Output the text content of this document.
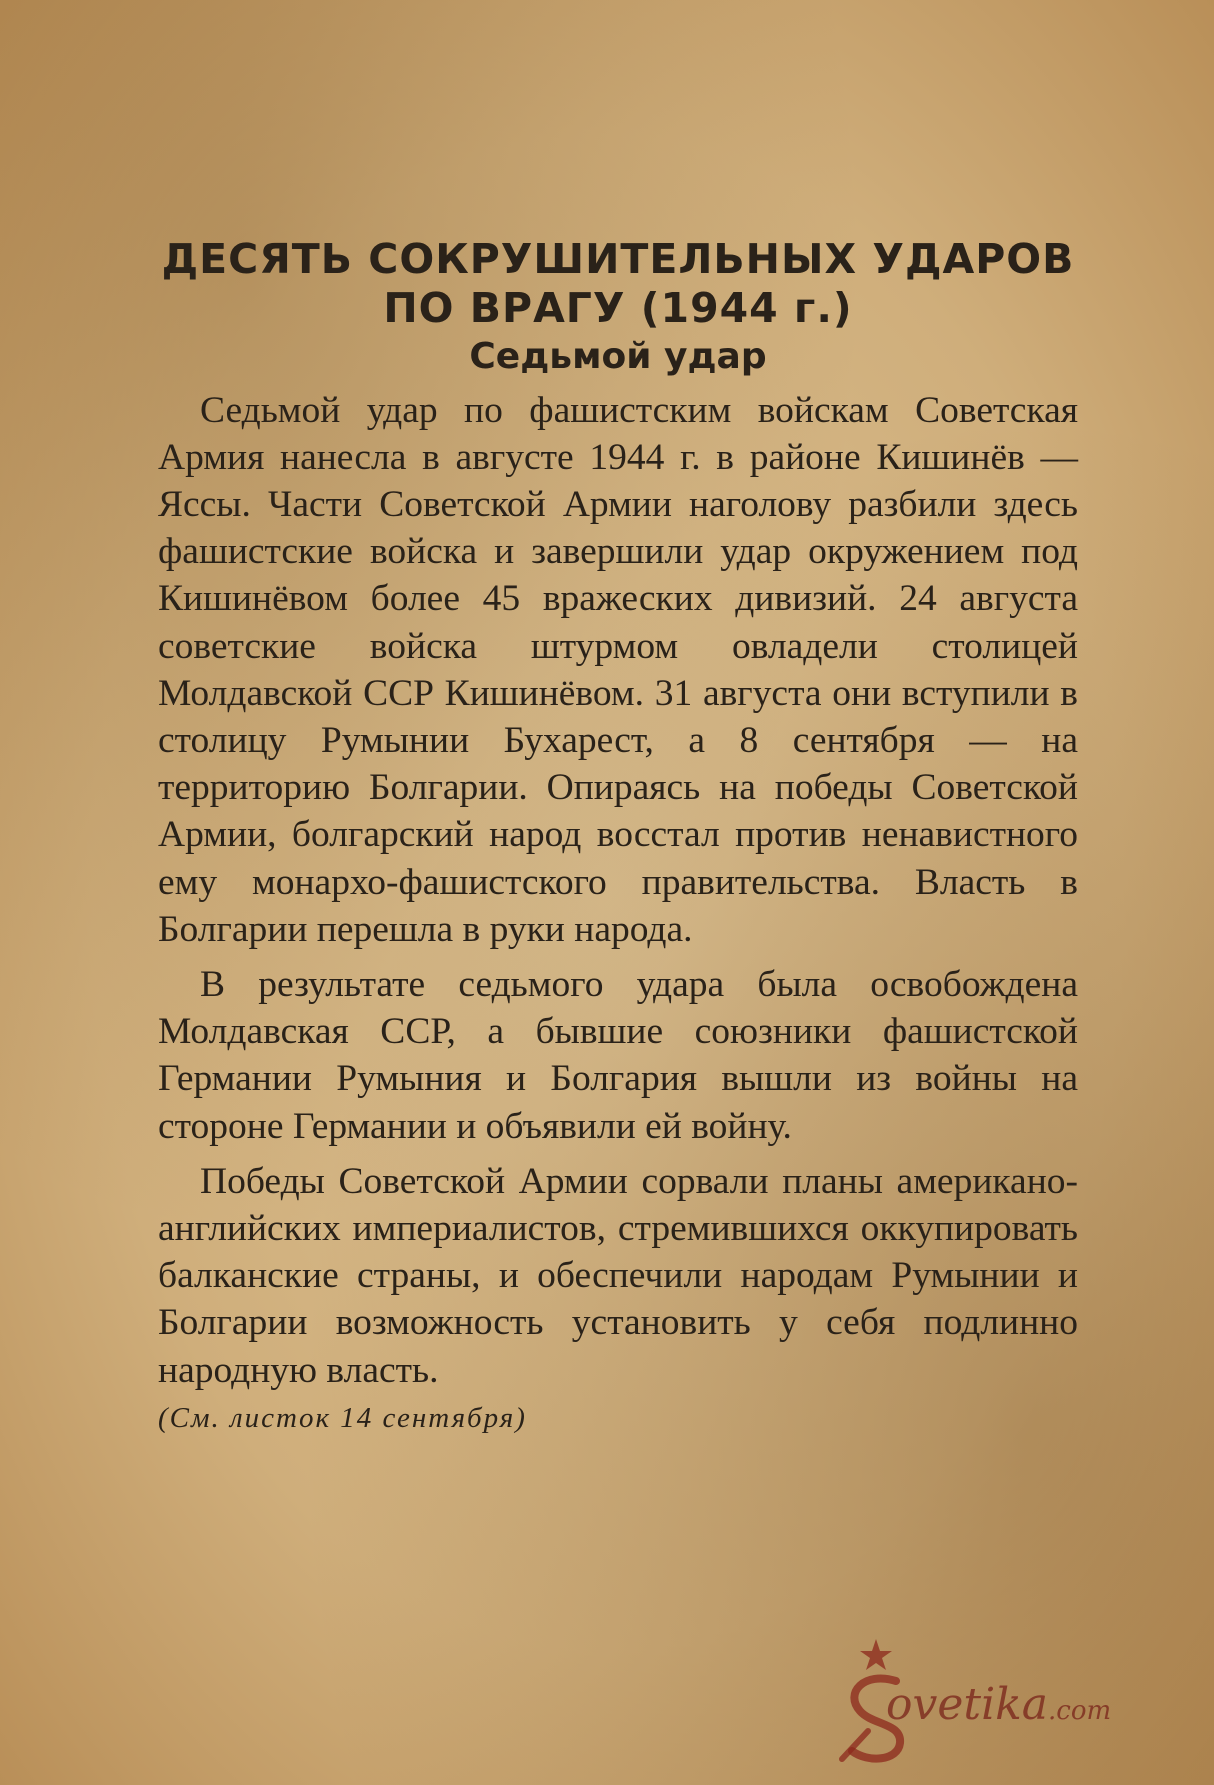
ДЕСЯТЬ СОКРУШИТЕЛЬНЫХ УДАРОВ ПО ВРАГУ (1944 г.)
Седьмой удар

Седьмой удар по фашистским войскам Советская Армия нанесла в августе 1944 г. в районе Кишинёв — Яссы. Части Советской Армии наголову разбили здесь фашистские войска и завершили удар окружением под Кишинёвом более 45 вражеских дивизий. 24 августа советские войска штурмом овладели столицей Молдавской ССР Кишинёвом. 31 августа они вступили в столицу Румынии Бухарест, а 8 сентября — на территорию Болгарии. Опираясь на победы Советской Армии, болгарский народ восстал против ненавистного ему монархо-фашистского правительства. Власть в Болгарии перешла в руки народа.

В результате седьмого удара была освобождена Молдавская ССР, а бывшие союзники фашистской Германии Румыния и Болгария вышли из войны на стороне Германии и объявили ей войну.

Победы Советской Армии сорвали планы американо-английских империалистов, стремившихся оккупировать балканские страны, и обеспечили народам Румынии и Болгарии возможность установить у себя подлинно народную власть.

(См. листок 14 сентября)

ovetika.com
